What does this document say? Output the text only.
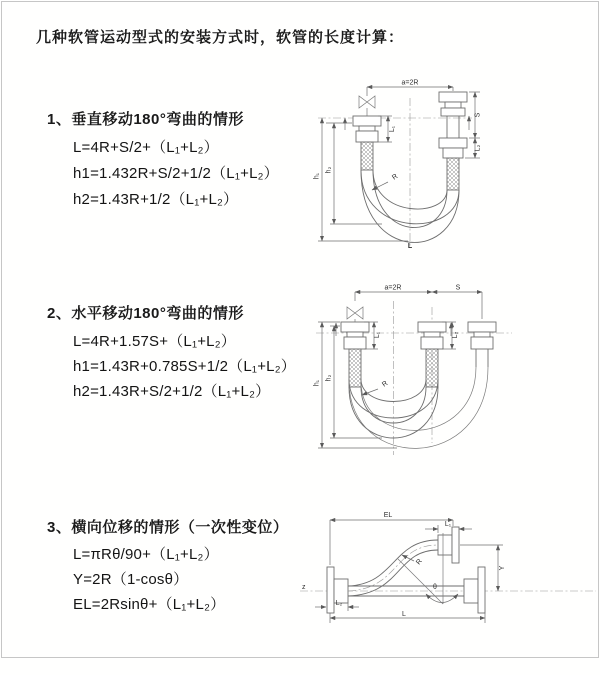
几种软管运动型式的安装方式时，软管的长度计算：
1、垂直移动180°弯曲的情形
L=4R+S/2+（L₁+L₂）
h1=1.432R+S/2+1/2（L₁+L₂）
h2=1.43R+1/2（L₁+L₂）
a=2R
L₁
h₁
h₂
S
L₂
R
L
2、水平移动180°弯曲的情形
L=4R+1.57S+（L₁+L₂）
h1=1.43R+0.785S+1/2（L₁+L₂）
h2=1.43R+S/2+1/2（L₁+L₂）
a=2R	S
L₁	L₂
h₁
h₂
R
3、横向位移的情形（一次性变位）
L=πRθ/90+（L₁+L₂）
Y=2R（1-cosθ）
EL=2Rsinθ+（L₁+L₂）
z	θ
R
EL
L₁
Y
L₂
L
